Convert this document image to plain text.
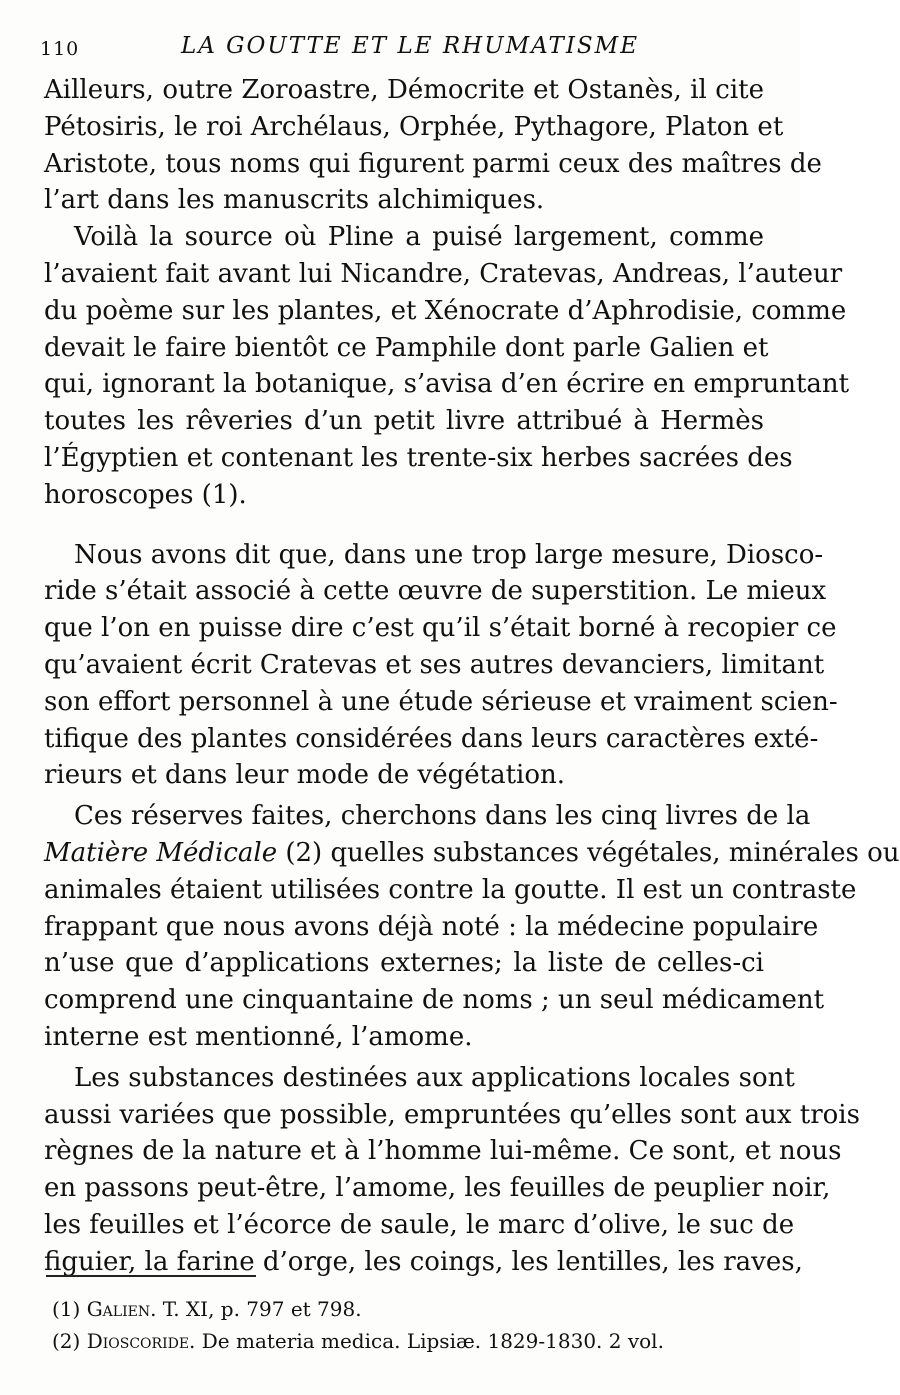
110	LA GOUTTE ET LE RHUMATISME
Ailleurs, outre Zoroastre, Démocrite et Ostanès, il cite
Pétosiris, le roi Archélaus, Orphée, Pythagore, Platon et
Aristote, tous noms qui figurent parmi ceux des maîtres de
l’art dans les manuscrits alchimiques.
Voilà la source où Pline a puisé largement, comme
l’avaient fait avant lui Nicandre, Cratevas, Andreas, l’auteur
du poème sur les plantes, et Xénocrate d’Aphrodisie, comme
devait le faire bientôt ce Pamphile dont parle Galien et
qui, ignorant la botanique, s’avisa d’en écrire en empruntant
toutes les rêveries d’un petit livre attribué à Hermès
l’Égyptien et contenant les trente-six herbes sacrées des
horoscopes (1).
Nous avons dit que, dans une trop large mesure, Diosco-
ride s’était associé à cette œuvre de superstition. Le mieux
que l’on en puisse dire c’est qu’il s’était borné à recopier ce
qu’avaient écrit Cratevas et ses autres devanciers, limitant
son effort personnel à une étude sérieuse et vraiment scien-
tifique des plantes considérées dans leurs caractères exté-
rieurs et dans leur mode de végétation.
Ces réserves faites, cherchons dans les cinq livres de la
Matière Médicale (2) quelles substances végétales, minérales ou
animales étaient utilisées contre la goutte. Il est un contraste
frappant que nous avons déjà noté : la médecine populaire
n’use que d’applications externes; la liste de celles-ci
comprend une cinquantaine de noms ; un seul médicament
interne est mentionné, l’amome.
Les substances destinées aux applications locales sont
aussi variées que possible, empruntées qu’elles sont aux trois
règnes de la nature et à l’homme lui-même. Ce sont, et nous
en passons peut-être, l’amome, les feuilles de peuplier noir,
les feuilles et l’écorce de saule, le marc d’olive, le suc de
figuier, la farine d’orge, les coings, les lentilles, les raves,
(1) Galien. T. XI, p. 797 et 798.
(2) Dioscoride. De materia medica. Lipsiæ. 1829-1830. 2 vol.
